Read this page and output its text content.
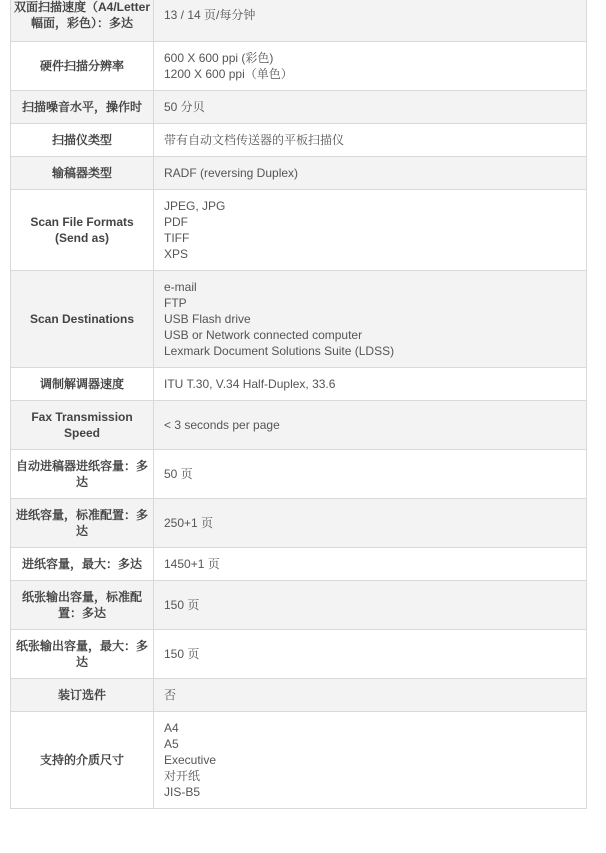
双面扫描速度（A4/Letter幅面，彩色）：多达	13 / 14 页/每分钟

硬件扫描分辨率	600 X 600 ppi (彩色)
1200 X 600 ppi（单色）

扫描噪音水平，操作时	50 分贝

扫描仪类型	带有自动文档传送器的平板扫描仪

输稿器类型	RADF (reversing Duplex)

Scan File Formats (Send as)	JPEG, JPG
PDF
TIFF
XPS

Scan Destinations	e-mail
FTP
USB Flash drive
USB or Network connected computer
Lexmark Document Solutions Suite (LDSS)

调制解调器速度	ITU T.30, V.34 Half-Duplex, 33.6

Fax Transmission Speed	< 3 seconds per page

自动进稿器进纸容量：多达	50 页

进纸容量，标准配置：多达	250+1 页

进纸容量，最大：多达	1450+1 页

纸张输出容量，标准配置：多达	150 页

纸张输出容量，最大：多达	150 页

装订选件	否

支持的介质尺寸	A4
A5
Executive
对开纸
JIS-B5
